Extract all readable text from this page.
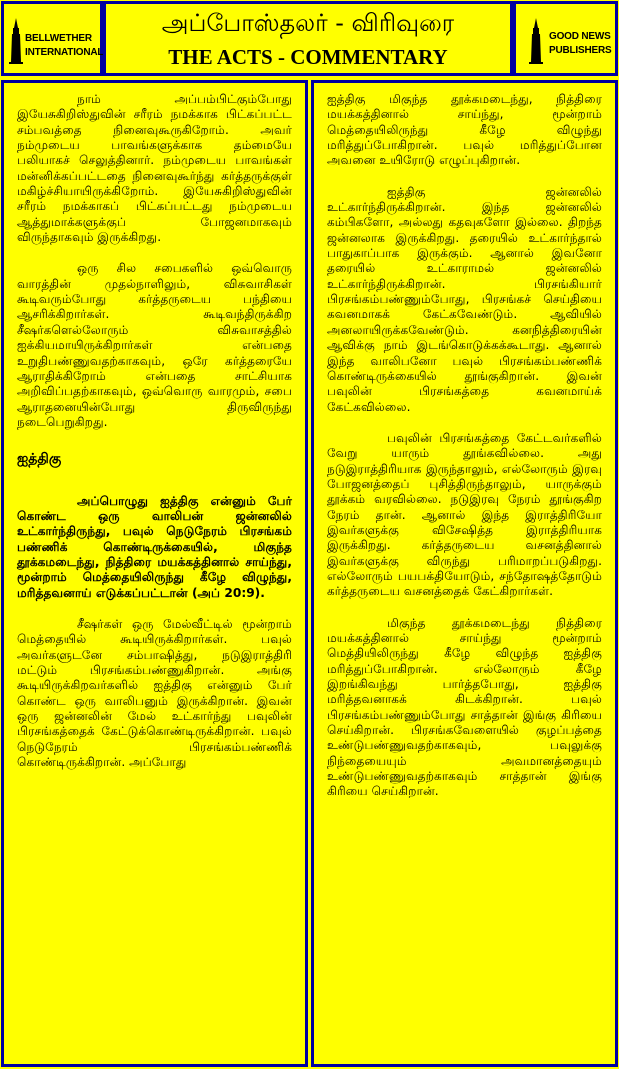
BELLWETHER
INTERNATIONAL
அப்போஸ்தலர் - விரிவுரை
THE ACTS - COMMENTARY
GOOD NEWS
PUBLISHERS

நாம் அப்பம்பிட்கும்போது இயேசுகிறிஸ்துவின் சரீரம் நமக்காக பிட்கப்பட்ட சம்பவத்தை நினைவுகூருகிறோம். அவர் நம்முடைய பாவங்களுக்காக தம்மையே பலியாகச் செலுத்தினார். நம்முடைய பாவங்கள் மன்னிக்கப்பட்டதை நினைவுகூர்ந்து கர்த்தருக்குள் மகிழ்ச்சியாயிருக்கிறோம். இயேசுகிறிஸ்துவின் சரீரம் நமக்காகப் பிட்கப்பட்டது நம்முடைய ஆத்துமாக்களுக்குப் போஜனமாகவும் விருந்தாகவும் இருக்கிறது.

ஒரு சில சபைகளில் ஒவ்வொரு வாரத்தின் முதல்நாளிலும், விசுவாசிகள் கூடிவரும்போது கர்த்தருடைய பந்தியை ஆசரிக்கிறார்கள். கூடிவந்திருக்கிற சீஷர்களெல்லோரும் விசுவாசத்தில் ஐக்கியமாயிருக்கிறார்கள் என்பதை உறுதிபண்ணுவதற்காகவும், ஒரே கர்த்தரையே ஆராதிக்கிறோம் என்பதை சாட்சியாக அறிவிப்பதற்காகவும், ஒவ்வொரு வாரமும், சபை ஆராதனையின்போது திருவிருந்து நடைபெறுகிறது.

ஐத்திகு

அப்பொழுது ஐத்திகு என்னும் பேர் கொண்ட ஒரு வாலிபன் ஜன்னலில் உட்கார்ந்திருந்து, பவுல் நெடுநேரம் பிரசங்கம் பண்ணிக் கொண்டிருக்கையில், மிகுந்த தூக்கமடைந்து, நித்திரை மயக்கத்தினால் சாய்ந்து, மூன்றாம் மெத்தையிலிருந்து கீழே விழுந்து, மரித்தவனாய் எடுக்கப்பட்டான் (அப் 20:9).

சீஷர்கள் ஒரு மேல்வீட்டில் மூன்றாம் மெத்தையில் கூடியிருக்கிறார்கள். பவுல் அவர்களுடனே சம்பாஷித்து, நடுஇராத்திரி மட்டும் பிரசங்கம்பண்ணுகிறான். அங்கு கூடியிருக்கிறவர்களில் ஐத்திகு என்னும் பேர் கொண்ட ஒரு வாலிபனும் இருக்கிறான். இவன் ஒரு ஜன்னலின் மேல் உட்கார்ந்து பவுலின் பிரசங்கத்தைக் கேட்டுக்கொண்டிருக்கிறான். பவுல் நெடுநேரம் பிரசங்கம்பண்ணிக் கொண்டிருக்கிறான். அப்போது

ஐத்திகு மிகுந்த தூக்கமடைந்து, நித்திரை மயக்கத்தினால் சாய்ந்து, மூன்றாம் மெத்தையிலிருந்து கீழே விழுந்து மரித்துப்போகிறான். பவுல் மரித்துப்போன அவனை உயிரோடு எழுப்புகிறான்.

ஐத்திகு ஜன்னலில் உட்கார்ந்திருக்கிறான். இந்த ஜன்னலில் கம்பிகளோ, அல்லது கதவுகளோ இல்லை. திறந்த ஜன்னலாக இருக்கிறது. தரையில் உட்கார்ந்தால் பாதுகாப்பாக இருக்கும். ஆனால் இவனோ தரையில் உட்காராமல் ஜன்னலில் உட்கார்ந்திருக்கிறான். பிரசங்கியார் பிரசங்கம்பண்ணும்போது, பிரசங்கச் செய்தியை கவனமாகக் கேட்கவேண்டும். ஆவியில் அனலாயிருக்கவேண்டும். கனநித்திரையின் ஆவிக்கு நாம் இடங்கொடுக்கக்கூடாது. ஆனால் இந்த வாலிபனோ பவுல் பிரசங்கம்பண்ணிக் கொண்டிருக்கையில் தூங்குகிறான். இவன் பவுலின் பிரசங்கத்தை கவனமாய்க் கேட்கவில்லை.

பவுலின் பிரசங்கத்தை கேட்டவர்களில் வேறு யாரும் தூங்கவில்லை. அது நடுஇராத்திரியாக இருந்தாலும், எல்லோரும் இரவு போஜனத்தைப் புசித்திருந்தாலும், யாருக்கும் தூக்கம் வரவில்லை. நடுஇரவு நேரம் தூங்குகிற நேரம் தான். ஆனால் இந்த இராத்திரியோ இவர்களுக்கு விசேஷித்த இராத்திரியாக இருக்கிறது. கர்த்தருடைய வசனத்தினால் இவர்களுக்கு விருந்து பரிமாறப்படுகிறது. எல்லோரும் பயபக்தியோடும், சந்தோஷத்தோடும் கர்த்தருடைய வசனத்தைக் கேட்கிறார்கள்.

மிகுந்த தூக்கமடைந்து நித்திரை மயக்கத்தினால் சாய்ந்து மூன்றாம் மெத்தியிலிருந்து கீழே விழுந்த ஐத்திகு மரித்துப்போகிறான். எல்லோரும் கீழே இறங்கிவந்து பார்த்தபோது, ஐத்திகு மரித்தவனாகக் கிடக்கிறான். பவுல் பிரசங்கம்பண்ணும்போது சாத்தான் இங்கு கிரியை செய்கிறான். பிரசங்கவேளையில் குழப்பத்தை உண்டுபண்ணுவதற்காகவும், பவுலுக்கு நிந்தையையும் அவமானத்தையும் உண்டுபண்ணுவதற்காகவும் சாத்தான் இங்கு கிரியை செய்கிறான்.
